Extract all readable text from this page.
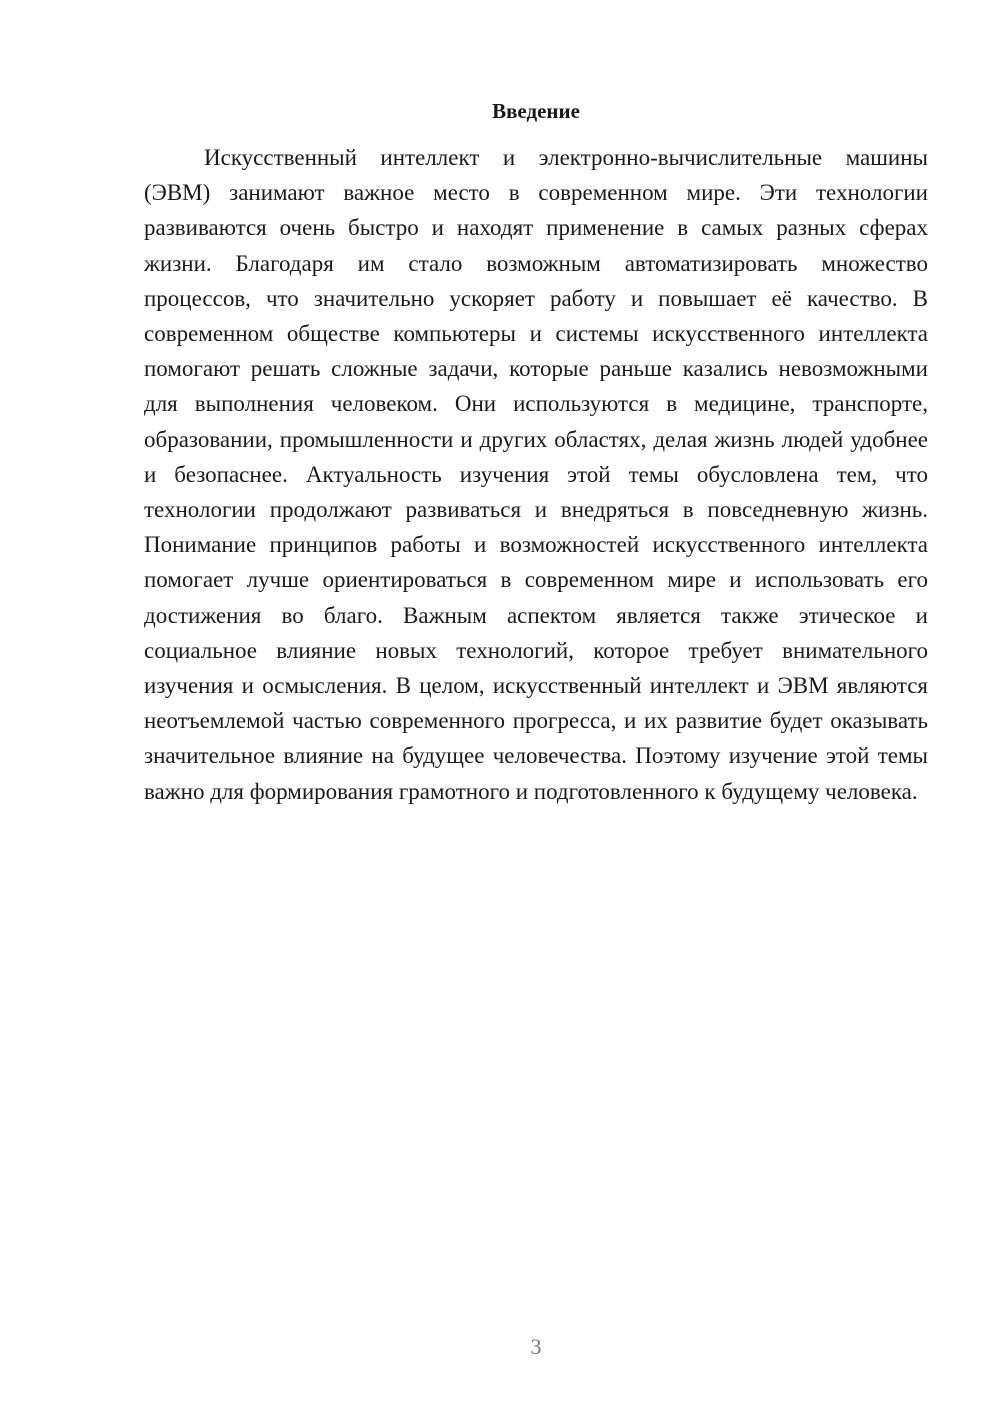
Введение

Искусственный интеллект и электронно-вычислительные машины (ЭВМ) занимают важное место в современном мире. Эти технологии развиваются очень быстро и находят применение в самых разных сферах жизни. Благодаря им стало возможным автоматизировать множество процессов, что значительно ускоряет работу и повышает её качество. В современном обществе компьютеры и системы искусственного интеллекта помогают решать сложные задачи, которые раньше казались невозможными для выполнения человеком. Они используются в медицине, транспорте, образовании, промышленности и других областях, делая жизнь людей удобнее и безопаснее. Актуальность изучения этой темы обусловлена тем, что технологии продолжают развиваться и внедряться в повседневную жизнь. Понимание принципов работы и возможностей искусственного интеллекта помогает лучше ориентироваться в современном мире и использовать его достижения во благо. Важным аспектом является также этическое и социальное влияние новых технологий, которое требует внимательного изучения и осмысления. В целом, искусственный интеллект и ЭВМ являются неотъемлемой частью современного прогресса, и их развитие будет оказывать значительное влияние на будущее человечества. Поэтому изучение этой темы важно для формирования грамотного и подготовленного к будущему человека.

3
